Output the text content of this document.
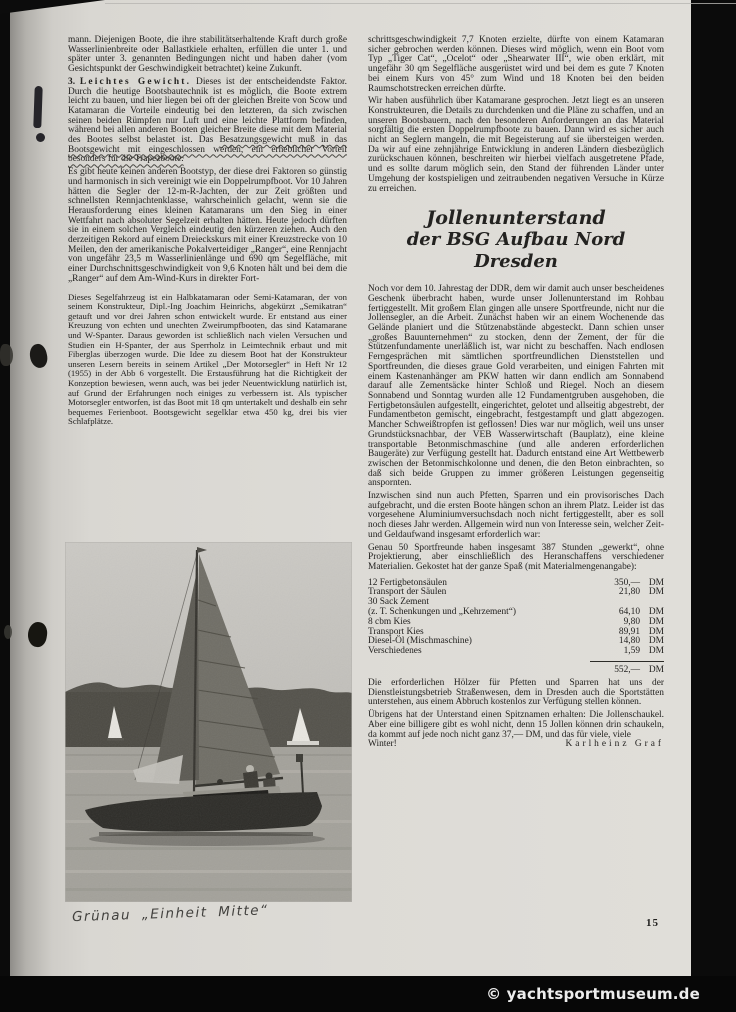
mann. Diejenigen Boote, die ihre stabilitätserhaltende Kraft durch große Wasserlinienbreite oder Ballastkiele erhalten, erfüllen die unter 1. und später unter 3. genannten Bedingungen nicht und haben daher (vom Gesichtspunkt der Geschwindigkeit betrachtet) keine Zukunft.

3. Leichtes Gewicht. Dieses ist der entscheidendste Faktor. Durch die heutige Bootsbautechnik ist es möglich, die Boote extrem leicht zu bauen, und hier liegen bei oft der gleichen Breite von Scow und Katamaran die Vorteile eindeutig bei den letzteren, da sich zwischen seinen beiden Rümpfen nur Luft und eine leichte Plattform befinden, während bei allen anderen Booten gleicher Breite diese mit dem Material des Bootes selbst belastet ist. Das Besatzungsgewicht muß in das Bootsgewicht mit eingeschlossen werden, ein erheblicher Vorteil besonders für die Trapezboote.

Es gibt heute keinen anderen Bootstyp, der diese drei Faktoren so günstig und harmonisch in sich vereinigt wie ein Doppelrumpfboot. Vor 10 Jahren hätten die Segler der 12-m-R-Jachten, der zur Zeit größten und schnellsten Rennjachtenklasse, wahrscheinlich gelacht, wenn sie die Herausforderung eines kleinen Katamarans um den Sieg in einer Wettfahrt nach absoluter Segelzeit erhalten hätten. Heute jedoch dürften sie in einem solchen Vergleich eindeutig den kürzeren ziehen. Auch den derzeitigen Rekord auf einem Dreieckskurs mit einer Kreuzstrecke von 10 Meilen, den der amerikanische Pokalverteidiger „Ranger“, eine Rennjacht von ungefähr 23,5 m Wasserlinienlänge und 690 qm Segelfläche, mit einer Durchschnittsgeschwindigkeit von 9,6 Knoten hält und bei dem die „Ranger“ auf dem Am-Wind-Kurs in direkter Fort-

Dieses Segelfahrzeug ist ein Halbkatamaran oder Semi-Katamaran, der von seinem Konstrukteur, Dipl.-Ing Joachim Heinrichs, abgekürzt „Semikatran“ getauft und vor drei Jahren schon entwickelt wurde. Er entstand aus einer Kreuzung von echten und unechten Zweirumpfbooten, das sind Katamarane und W-Spanter. Daraus geworden ist schließlich nach vielen Versuchen und Studien ein H-Spanter, der aus Sperrholz in Leimtechnik erbaut und mit Fiberglas überzogen wurde. Die Idee zu diesem Boot hat der Konstrukteur unseren Lesern bereits in seinem Artikel „Der Motorsegler“ in Heft Nr 12 (1955) in der Abb 6 vorgestellt. Die Erstausführung hat die Richtigkeit der Konzeption bewiesen, wenn auch, was bei jeder Neuentwicklung natürlich ist, auf Grund der Erfahrungen noch einiges zu verbessern ist. Als typischer Motorsegler entworfen, ist das Boot mit 18 qm untertakelt und deshalb ein sehr bequemes Ferienboot. Bootsgewicht segelklar etwa 450 kg, drei bis vier Schlafplätze.

schrittsgeschwindigkeit 7,7 Knoten erzielte, dürfte von einem Katamaran sicher gebrochen werden können. Dieses wird möglich, wenn ein Boot vom Typ „Tiger Cat“, „Ocelot“ oder „Shearwater III“, wie oben erklärt, mit ungefähr 30 qm Segelfläche ausgerüstet wird und bei dem es gute 7 Knoten bei einem Kurs von 45° zum Wind und 18 Knoten bei den beiden Raumschotstrecken erreichen dürfte.

Wir haben ausführlich über Katamarane gesprochen. Jetzt liegt es an unseren Konstrukteuren, die Details zu durchdenken und die Pläne zu schaffen, und an unseren Bootsbauern, nach den besonderen Anforderungen an das Material sorgfältig die ersten Doppelrumpfboote zu bauen. Dann wird es sicher auch nicht an Seglern mangeln, die mit Begeisterung auf sie übersteigen werden. Da wir auf eine zehnjährige Entwicklung in anderen Ländern diesbezüglich zurückschauen können, beschreiten wir hierbei vielfach ausgetretene Pfade, und es sollte darum möglich sein, den Stand der führenden Länder unter Umgehung der kostspieligen und zeitraubenden negativen Versuche in Kürze zu erreichen.

Jollenunterstand
der BSG Aufbau Nord Dresden

Noch vor dem 10. Jahrestag der DDR, dem wir damit auch unser bescheidenes Geschenk überbracht haben, wurde unser Jollenunterstand im Rohbau fertiggestellt. Mit großem Elan gingen alle unsere Sportfreunde, nicht nur die Jollensegler, an die Arbeit. Zunächst haben wir an einem Wochenende das Gelände planiert und die Stützenabstände abgesteckt. Dann schien unser „großes Bauunternehmen“ zu stocken, denn der Zement, der für die Stützenfundamente unerläßlich ist, war nicht zu beschaffen. Nach endlosen Ferngesprächen mit sämtlichen sportfreundlichen Dienststellen und Sportfreunden, die dieses graue Gold verarbeiten, und einigen Fahrten mit einem Kastenanhänger am PKW hatten wir dann endlich am Sonnabend darauf alle Zementsäcke hinter Schloß und Riegel. Noch an diesem Sonnabend und Sonntag wurden alle 12 Fundamentgruben ausgehoben, die Fertigbetonsäulen aufgestellt, eingerichtet, gelotet und allseitig abgestrebt, der Fundamentbeton gemischt, eingebracht, festgestampft und glatt abgezogen. Mancher Schweißtropfen ist geflossen! Dies war nur möglich, weil uns unser Grundstücksnachbar, der VEB Wasserwirtschaft (Bauplatz), eine kleine transportable Betonmischmaschine (und alle anderen erforderlichen Baugeräte) zur Verfügung gestellt hat. Dadurch entstand eine Art Wettbewerb zwischen der Betonmischkolonne und denen, die den Beton einbrachten, so daß sich beide Gruppen zu immer größeren Leistungen gegenseitig anspornten.

Inzwischen sind nun auch Pfetten, Sparren und ein provisorisches Dach aufgebracht, und die ersten Boote hängen schon an ihrem Platz. Leider ist das vorgesehene Aluminiumversuchsdach noch nicht fertiggestellt, aber es soll noch dieses Jahr werden. Allgemein wird nun von Interesse sein, welcher Zeit- und Geldaufwand insgesamt erforderlich war:

Genau 50 Sportfreunde haben insgesamt 387 Stunden „gewerkt“, ohne Projektierung, aber einschließlich des Heranschaffens verschiedener Materialien. Gekostet hat der ganze Spaß (mit Materialmengenangabe):

12 Fertigbetonsäulen	350,— DM
Transport der Säulen	21,80 DM
30 Sack Zement
(z. T. Schenkungen und „Kehrzement“)	64,10 DM
8 cbm Kies	9,80 DM
Transport Kies	89,91 DM
Diesel-Öl (Mischmaschine)	14,80 DM
Verschiedenes	1,59 DM
552,— DM

Die erforderlichen Hölzer für Pfetten und Sparren hat uns der Dienstleistungsbetrieb Straßenwesen, dem in Dresden auch die Sportstätten unterstehen, aus einem Abbruch kostenlos zur Verfügung stellen können.

Übrigens hat der Unterstand einen Spitznamen erhalten: Die Jollenschaukel. Aber eine billigere gibt es wohl nicht, denn 15 Jollen können drin schaukeln, da kommt auf jede noch nicht ganz 37,— DM, und das für viele, viele

Winter!	Karlheinz Graf
Grünau „Einheit Mitte“	15
© yachtsportmuseum.de
